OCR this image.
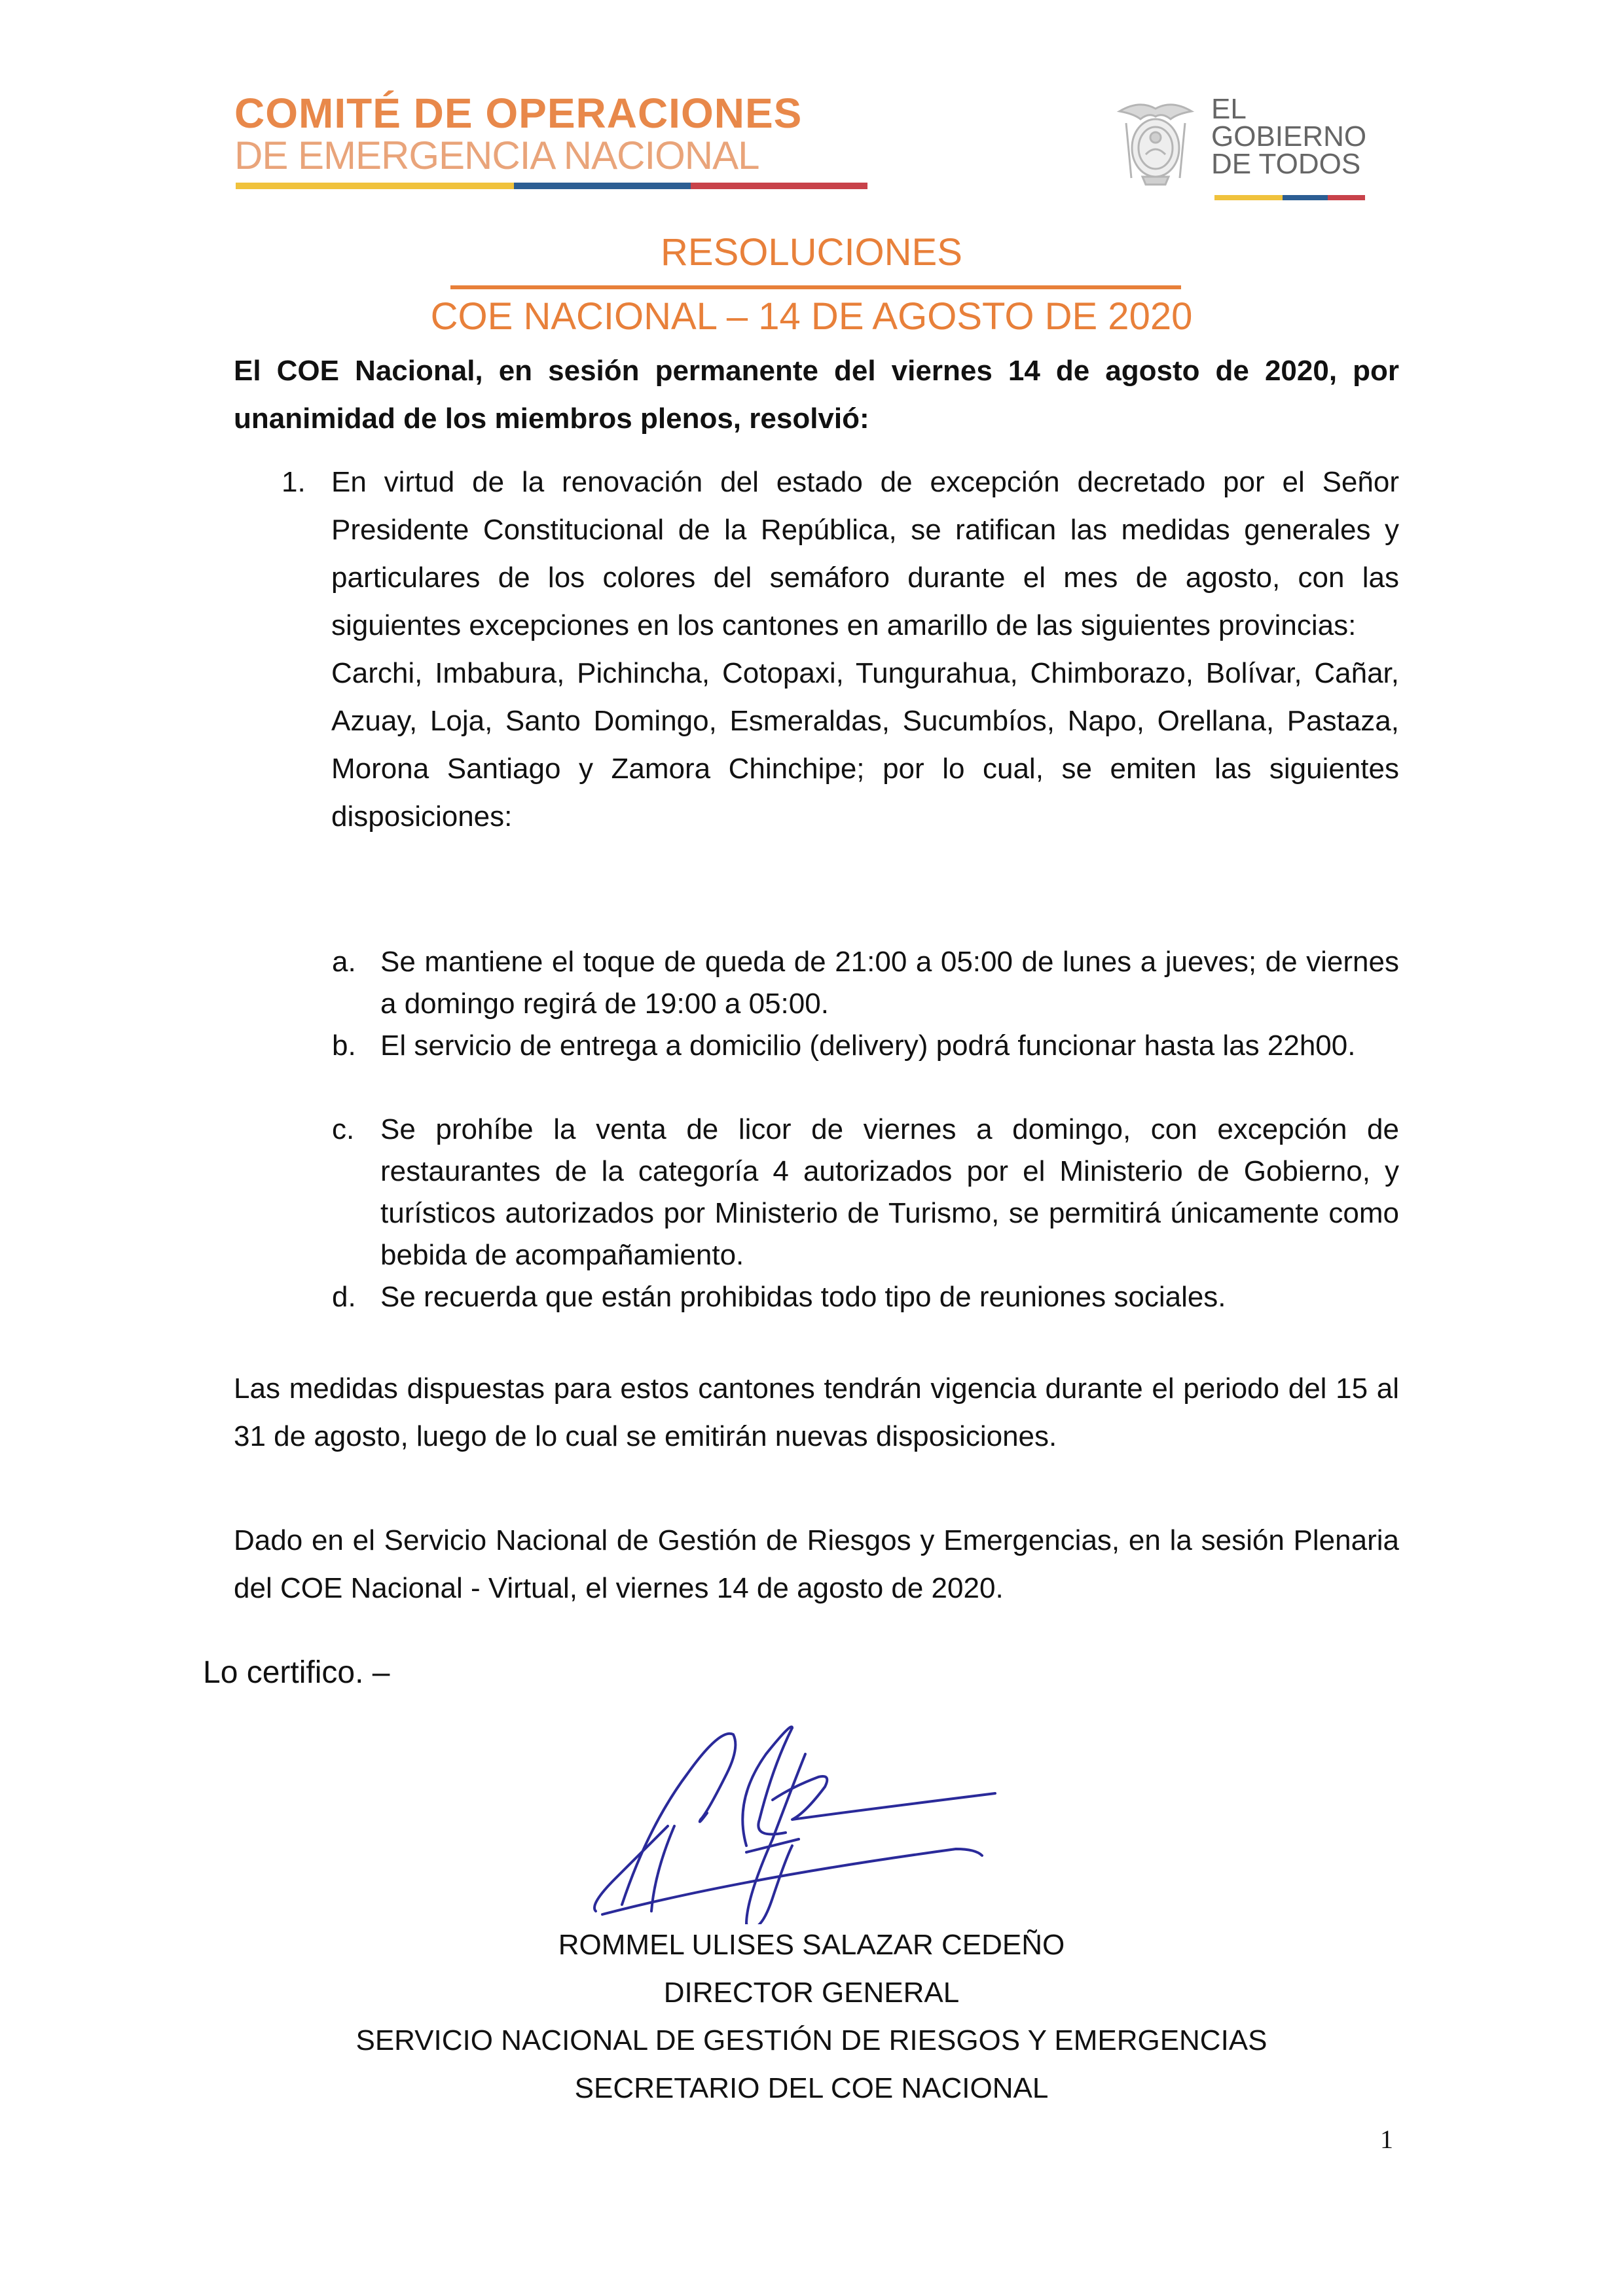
COMITÉ DE OPERACIONES
DE EMERGENCIA NACIONAL
EL
GOBIERNO
DE TODOS
RESOLUCIONES
COE NACIONAL – 14 DE AGOSTO DE 2020
El COE Nacional, en sesión permanente del viernes 14 de agosto de 2020, por unanimidad de los miembros plenos, resolvió:
1. En virtud de la renovación del estado de excepción decretado por el Señor Presidente Constitucional de la República, se ratifican las medidas generales y particulares de los colores del semáforo durante el mes de agosto, con las siguientes excepciones en los cantones en amarillo de las siguientes provincias:
Carchi, Imbabura, Pichincha, Cotopaxi, Tungurahua, Chimborazo, Bolívar, Cañar, Azuay, Loja, Santo Domingo, Esmeraldas, Sucumbíos, Napo, Orellana, Pastaza, Morona Santiago y Zamora Chinchipe; por lo cual, se emiten las siguientes disposiciones:
a. Se mantiene el toque de queda de 21:00 a 05:00 de lunes a jueves; de viernes a domingo regirá de 19:00 a 05:00.
b. El servicio de entrega a domicilio (delivery) podrá funcionar hasta las 22h00.
c. Se prohíbe la venta de licor de viernes a domingo, con excepción de restaurantes de la categoría 4 autorizados por el Ministerio de Gobierno, y turísticos autorizados por Ministerio de Turismo, se permitirá únicamente como bebida de acompañamiento.
d. Se recuerda que están prohibidas todo tipo de reuniones sociales.
Las medidas dispuestas para estos cantones tendrán vigencia durante el periodo del 15 al 31 de agosto, luego de lo cual se emitirán nuevas disposiciones.
Dado en el Servicio Nacional de Gestión de Riesgos y Emergencias, en la sesión Plenaria del COE Nacional - Virtual, el viernes 14 de agosto de 2020.
Lo certifico. –
ROMMEL ULISES SALAZAR CEDEÑO
DIRECTOR GENERAL
SERVICIO NACIONAL DE GESTIÓN DE RIESGOS Y EMERGENCIAS
SECRETARIO DEL COE NACIONAL
1
